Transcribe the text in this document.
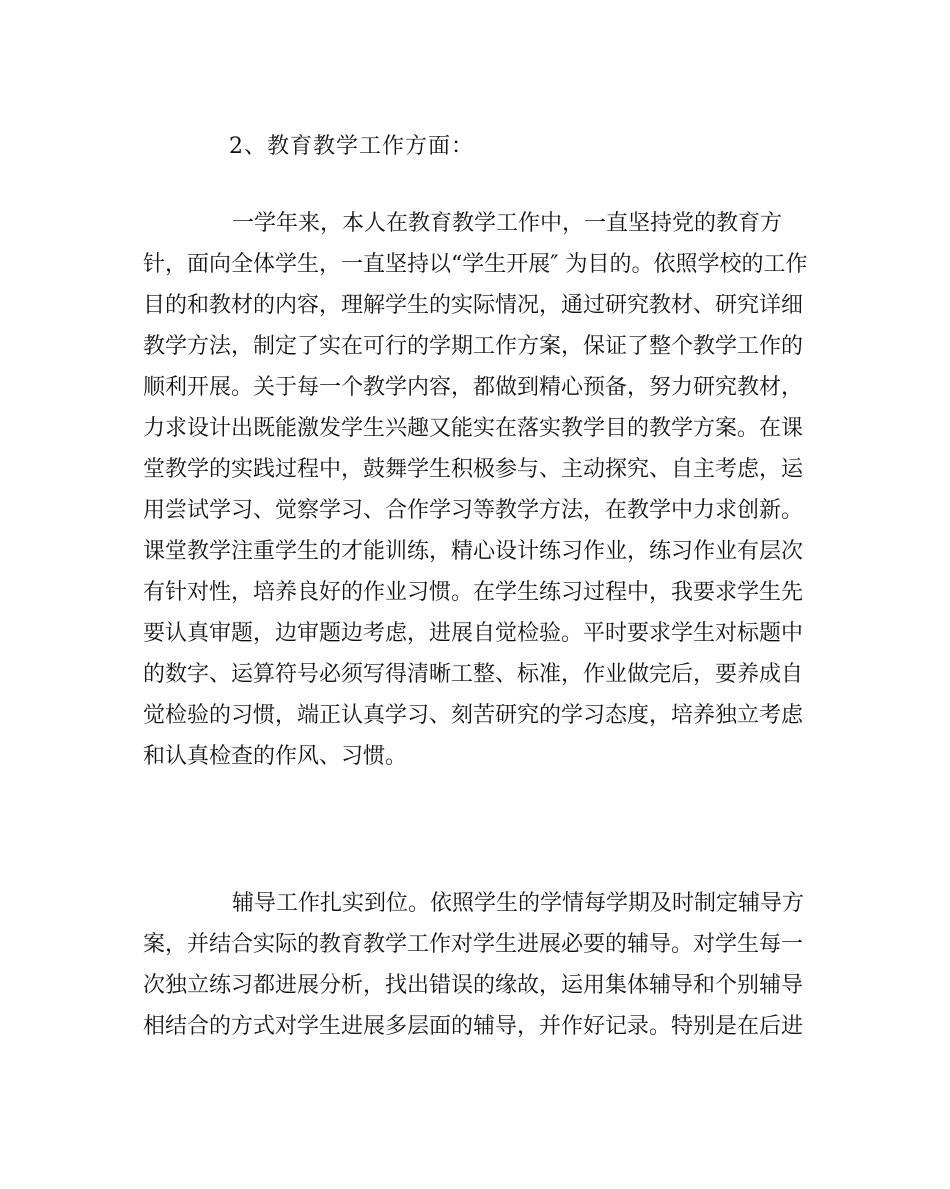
2、教育教学工作方面：
一学年来，本人在教育教学工作中，一直坚持党的教育方
针，面向全体学生，一直坚持以“学生开展″ 为目的。依照学校的工作
目的和教材的内容，理解学生的实际情况，通过研究教材、研究详细
教学方法，制定了实在可行的学期工作方案，保证了整个教学工作的
顺利开展。关于每一个教学内容，都做到精心预备，努力研究教材，
力求设计出既能激发学生兴趣又能实在落实教学目的教学方案。在课
堂教学的实践过程中，鼓舞学生积极参与、主动探究、自主考虑，运
用尝试学习、觉察学习、合作学习等教学方法，在教学中力求创新。
课堂教学注重学生的才能训练，精心设计练习作业，练习作业有层次
有针对性，培养良好的作业习惯。在学生练习过程中，我要求学生先
要认真审题，边审题边考虑，进展自觉检验。平时要求学生对标题中
的数字、运算符号必须写得清晰工整、标准，作业做完后，要养成自
觉检验的习惯，端正认真学习、刻苦研究的学习态度，培养独立考虑
和认真检查的作风、习惯。
辅导工作扎实到位。依照学生的学情每学期及时制定辅导方
案，并结合实际的教育教学工作对学生进展必要的辅导。对学生每一
次独立练习都进展分析，找出错误的缘故，运用集体辅导和个别辅导
相结合的方式对学生进展多层面的辅导，并作好记录。特别是在后进
